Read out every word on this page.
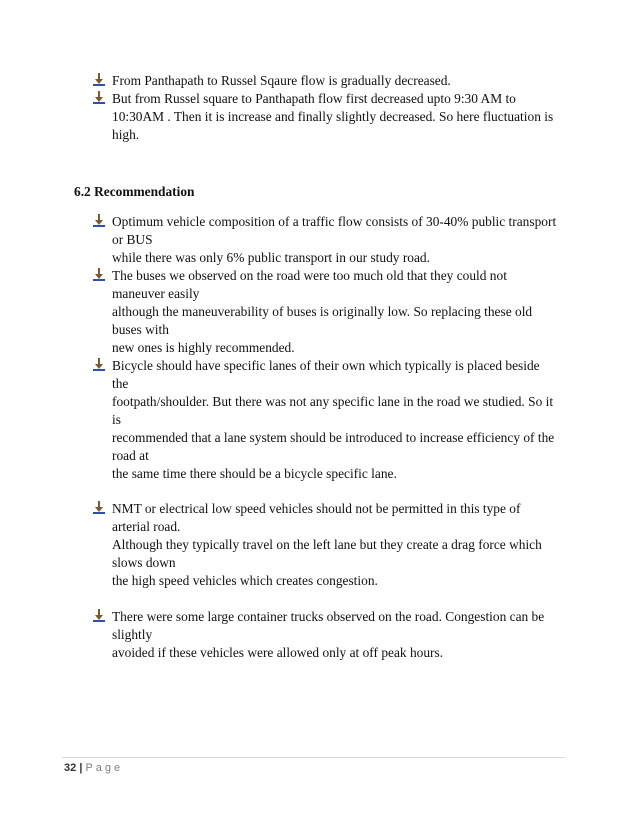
From Panthapath to Russel Sqaure flow is gradually decreased.
But from Russel square to Panthapath flow first decreased upto 9:30 AM to
10:30AM . Then it is increase and finally slightly decreased. So here fluctuation is
high.
6.2 Recommendation
Optimum vehicle composition of a traffic flow consists of 30-40% public transport
or BUS
while there was only 6% public transport in our study road.
The buses we observed on the road were too much old that they could not
maneuver easily
although the maneuverability of buses is originally low. So replacing these old
buses with
new ones is highly recommended.
Bicycle should have specific lanes of their own which typically is placed beside
the
footpath/shoulder. But there was not any specific lane in the road we studied. So it
is
recommended that a lane system should be introduced to increase efficiency of the
road at
the same time there should be a bicycle specific lane.
NMT or electrical low speed vehicles should not be permitted in this type of
arterial road.
Although they typically travel on the left lane but they create a drag force which
slows down
the high speed vehicles which creates congestion.
There were some large container trucks observed on the road. Congestion can be
slightly
avoided if these vehicles were allowed only at off peak hours.
32 | Page
